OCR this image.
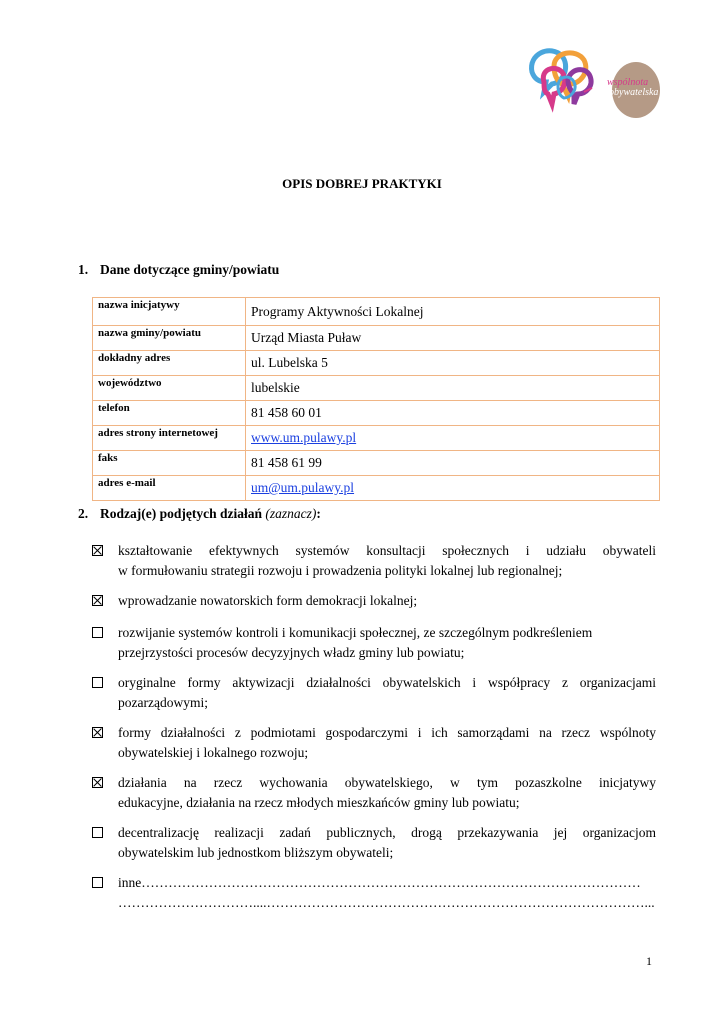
wspólnota
obywatelska
OPIS DOBREJ PRAKTYKI
1. Dane dotyczące gminy/powiatu
nazwa inicjatywy	Programy Aktywności Lokalnej
nazwa gminy/powiatu	Urząd Miasta Puław
dokładny adres	ul. Lubelska 5
województwo	lubelskie
telefon	81 458 60 01
adres strony internetowej	www.um.pulawy.pl
faks	81 458 61 99
adres e-mail	um@um.pulawy.pl
2. Rodzaj(e) podjętych działań (zaznacz):
kształtowanie efektywnych systemów konsultacji społecznych i udziału obywateli
w formułowaniu strategii rozwoju i prowadzenia polityki lokalnej lub regionalnej;
wprowadzanie nowatorskich form demokracji lokalnej;
rozwijanie systemów kontroli i komunikacji społecznej, ze szczególnym podkreśleniem
przejrzystości procesów decyzyjnych władz gminy lub powiatu;
oryginalne formy aktywizacji działalności obywatelskich i współpracy z organizacjami
pozarządowymi;
formy działalności z podmiotami gospodarczymi i ich samorządami na rzecz wspólnoty
obywatelskiej i lokalnego rozwoju;
działania na rzecz wychowania obywatelskiego, w tym pozaszkolne inicjatywy
edukacyjne, działania na rzecz młodych mieszkańców gminy lub powiatu;
decentralizację realizacji zadań publicznych, drogą przekazywania jej organizacjom
obywatelskim lub jednostkom bliższym obywateli;
inne…………………………………………………………………………………………………
…………………………....…………………………………………………………………………...
1
